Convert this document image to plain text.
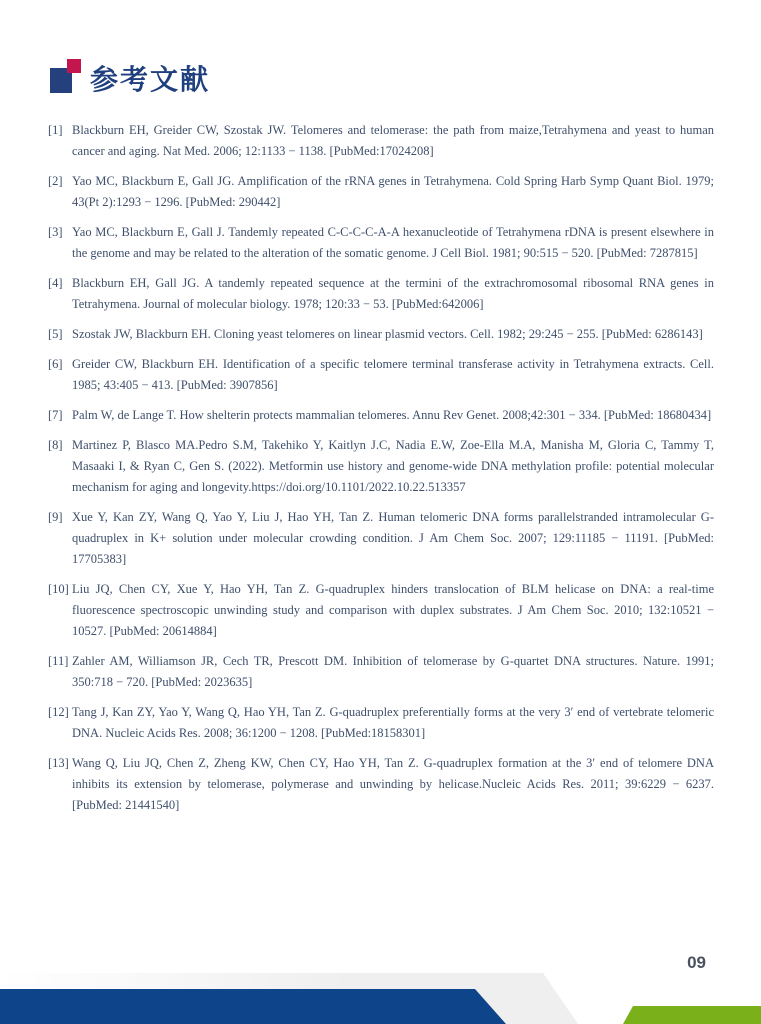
参考文献

[1] Blackburn EH, Greider CW, Szostak JW. Telomeres and telomerase: the path from maize,Tetrahymena and yeast to human cancer and aging. Nat Med. 2006; 12:1133 − 1138. [PubMed:17024208]

[2] Yao MC, Blackburn E, Gall JG. Amplification of the rRNA genes in Tetrahymena. Cold Spring Harb Symp Quant Biol. 1979; 43(Pt 2):1293 − 1296. [PubMed: 290442]

[3] Yao MC, Blackburn E, Gall J. Tandemly repeated C-C-C-C-A-A hexanucleotide of Tetrahymena rDNA is present elsewhere in the genome and may be related to the alteration of the somatic genome. J Cell Biol. 1981; 90:515 − 520. [PubMed: 7287815]

[4] Blackburn EH, Gall JG. A tandemly repeated sequence at the termini of the extrachromosomal ribosomal RNA genes in Tetrahymena. Journal of molecular biology. 1978; 120:33 − 53. [PubMed:642006]

[5] Szostak JW, Blackburn EH. Cloning yeast telomeres on linear plasmid vectors. Cell. 1982; 29:245 − 255. [PubMed: 6286143]

[6] Greider CW, Blackburn EH. Identification of a specific telomere terminal transferase activity in Tetrahymena extracts. Cell. 1985; 43:405 − 413. [PubMed: 3907856]

[7] Palm W, de Lange T. How shelterin protects mammalian telomeres. Annu Rev Genet. 2008;42:301 − 334. [PubMed: 18680434]

[8] Martinez P, Blasco MA.Pedro S.M, Takehiko Y, Kaitlyn J.C, Nadia E.W, Zoe-Ella M.A, Manisha M, Gloria C, Tammy T, Masaaki I, & Ryan C, Gen S. (2022). Metformin use history and genome-wide DNA methylation profile: potential molecular mechanism for aging and longevity.https://doi.org/10.1101/2022.10.22.513357

[9] Xue Y, Kan ZY, Wang Q, Yao Y, Liu J, Hao YH, Tan Z. Human telomeric DNA forms parallelstranded intramolecular G-quadruplex in K+ solution under molecular crowding condition. J Am Chem Soc. 2007; 129:11185 − 11191. [PubMed: 17705383]

[10] Liu JQ, Chen CY, Xue Y, Hao YH, Tan Z. G-quadruplex hinders translocation of BLM helicase on DNA: a real-time fluorescence spectroscopic unwinding study and comparison with duplex substrates. J Am Chem Soc. 2010; 132:10521 − 10527. [PubMed: 20614884]

[11] Zahler AM, Williamson JR, Cech TR, Prescott DM. Inhibition of telomerase by G-quartet DNA structures. Nature. 1991; 350:718 − 720. [PubMed: 2023635]

[12] Tang J, Kan ZY, Yao Y, Wang Q, Hao YH, Tan Z. G-quadruplex preferentially forms at the very 3′ end of vertebrate telomeric DNA. Nucleic Acids Res. 2008; 36:1200 − 1208. [PubMed:18158301]

[13] Wang Q, Liu JQ, Chen Z, Zheng KW, Chen CY, Hao YH, Tan Z. G-quadruplex formation at the 3′ end of telomere DNA inhibits its extension by telomerase, polymerase and unwinding by helicase.Nucleic Acids Res. 2011; 39:6229 − 6237. [PubMed: 21441540]

09
